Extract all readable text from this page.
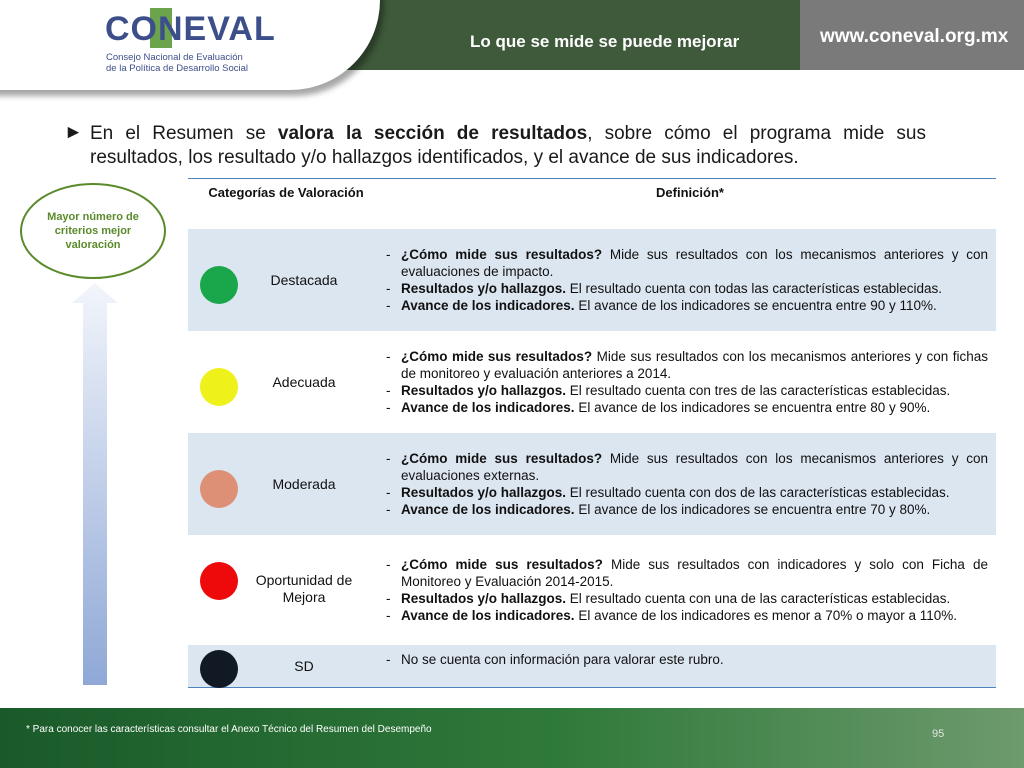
www.coneval.org.mx
Lo que se mide se puede mejorar
CONEVAL
Consejo Nacional de Evaluación
de la Política de Desarrollo Social
► En el Resumen se valora la sección de resultados, sobre cómo el programa mide sus resultados, los resultado y/o hallazgos identificados, y el avance de sus indicadores.
Mayor número de criterios mejor valoración
Categorías de Valoración	Definición*
Destacada
- ¿Cómo mide sus resultados? Mide sus resultados con los mecanismos anteriores y con evaluaciones de impacto.
- Resultados y/o hallazgos. El resultado cuenta con todas las características establecidas.
- Avance de los indicadores. El avance de los indicadores se encuentra entre 90 y 110%.
Adecuada
- ¿Cómo mide sus resultados? Mide sus resultados con los mecanismos anteriores y con fichas de monitoreo y evaluación anteriores a 2014.
- Resultados y/o hallazgos. El resultado cuenta con tres de las características establecidas.
- Avance de los indicadores. El avance de los indicadores se encuentra entre 80 y 90%.
Moderada
- ¿Cómo mide sus resultados? Mide sus resultados con los mecanismos anteriores y con evaluaciones externas.
- Resultados y/o hallazgos. El resultado cuenta con dos de las características establecidas.
- Avance de los indicadores. El avance de los indicadores se encuentra entre 70 y 80%.
Oportunidad de Mejora
- ¿Cómo mide sus resultados? Mide sus resultados con indicadores y solo con Ficha de Monitoreo y Evaluación 2014-2015.
- Resultados y/o hallazgos. El resultado cuenta con una de las características establecidas.
- Avance de los indicadores. El avance de los indicadores es menor a 70% o mayor a 110%.
SD	- No se cuenta con información para valorar este rubro.
* Para conocer las características consultar el Anexo Técnico del Resumen del Desempeño	95
